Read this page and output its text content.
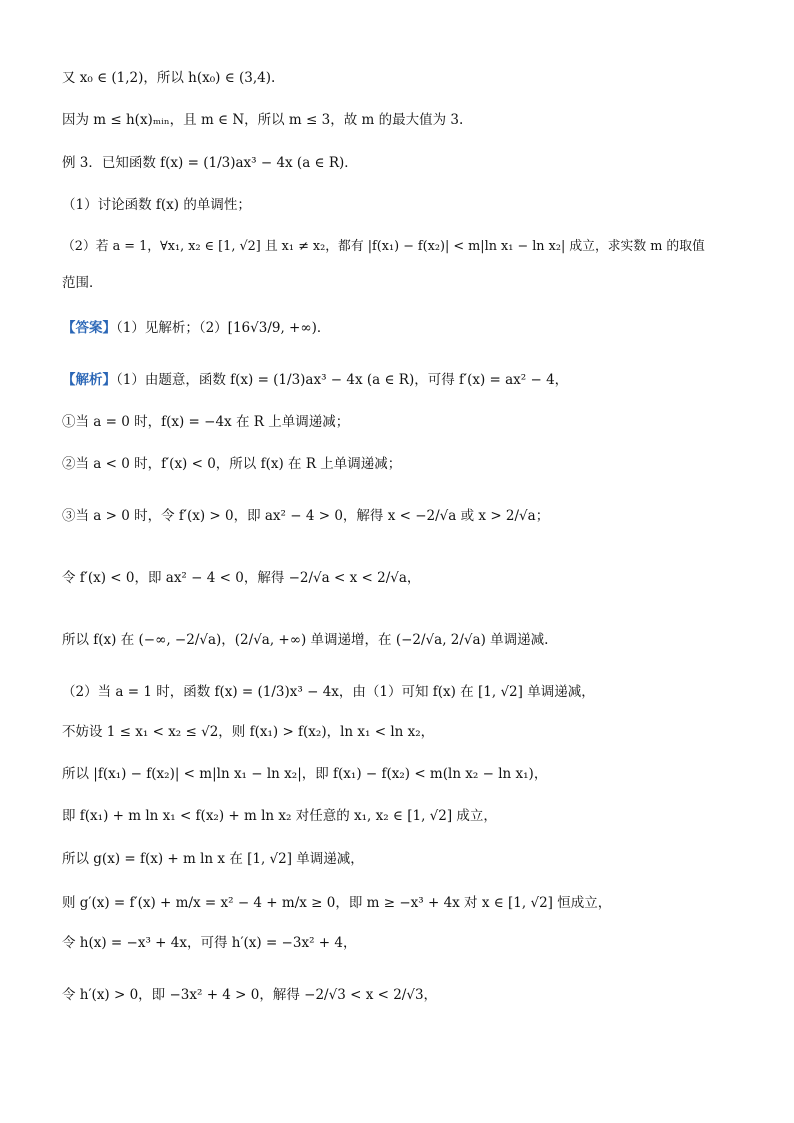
又 x₀ ∈ (1,2)，所以 h(x₀) ∈ (3,4).
因为 m ≤ h(x)ₘᵢₙ，且 m ∈ N，所以 m ≤ 3，故 m 的最大值为 3.
例 3．已知函数 f(x) = (1/3)ax³ − 4x (a ∈ R)．
（1）讨论函数 f(x) 的单调性；
（2）若 a = 1，∀x₁, x₂ ∈ [1, √2] 且 x₁ ≠ x₂，都有 |f(x₁) − f(x₂)| < m|ln x₁ − ln x₂| 成立，求实数 m 的取值
范围．
【答案】（1）见解析；（2）[16√3/9, +∞)．
【解析】（1）由题意，函数 f(x) = (1/3)ax³ − 4x (a ∈ R)，可得 f′(x) = ax² − 4，
①当 a = 0 时，f(x) = −4x 在 R 上单调递减；
②当 a < 0 时，f′(x) < 0，所以 f(x) 在 R 上单调递减；
③当 a > 0 时，令 f′(x) > 0，即 ax² − 4 > 0，解得 x < −2/√a 或 x > 2/√a；
令 f′(x) < 0，即 ax² − 4 < 0，解得 −2/√a < x < 2/√a，
所以 f(x) 在 (−∞, −2/√a)，(2/√a, +∞) 单调递增，在 (−2/√a, 2/√a) 单调递减.
（2）当 a = 1 时，函数 f(x) = (1/3)x³ − 4x，由（1）可知 f(x) 在 [1, √2] 单调递减，
不妨设 1 ≤ x₁ < x₂ ≤ √2，则 f(x₁) > f(x₂)，ln x₁ < ln x₂，
所以 |f(x₁) − f(x₂)| < m|ln x₁ − ln x₂|，即 f(x₁) − f(x₂) < m(ln x₂ − ln x₁)，
即 f(x₁) + m ln x₁ < f(x₂) + m ln x₂ 对任意的 x₁, x₂ ∈ [1, √2] 成立，
所以 g(x) = f(x) + m ln x 在 [1, √2] 单调递减，
则 g′(x) = f′(x) + m/x = x² − 4 + m/x ≥ 0，即 m ≥ −x³ + 4x 对 x ∈ [1, √2] 恒成立，
令 h(x) = −x³ + 4x，可得 h′(x) = −3x² + 4，
令 h′(x) > 0，即 −3x² + 4 > 0，解得 −2/√3 < x < 2/√3，
